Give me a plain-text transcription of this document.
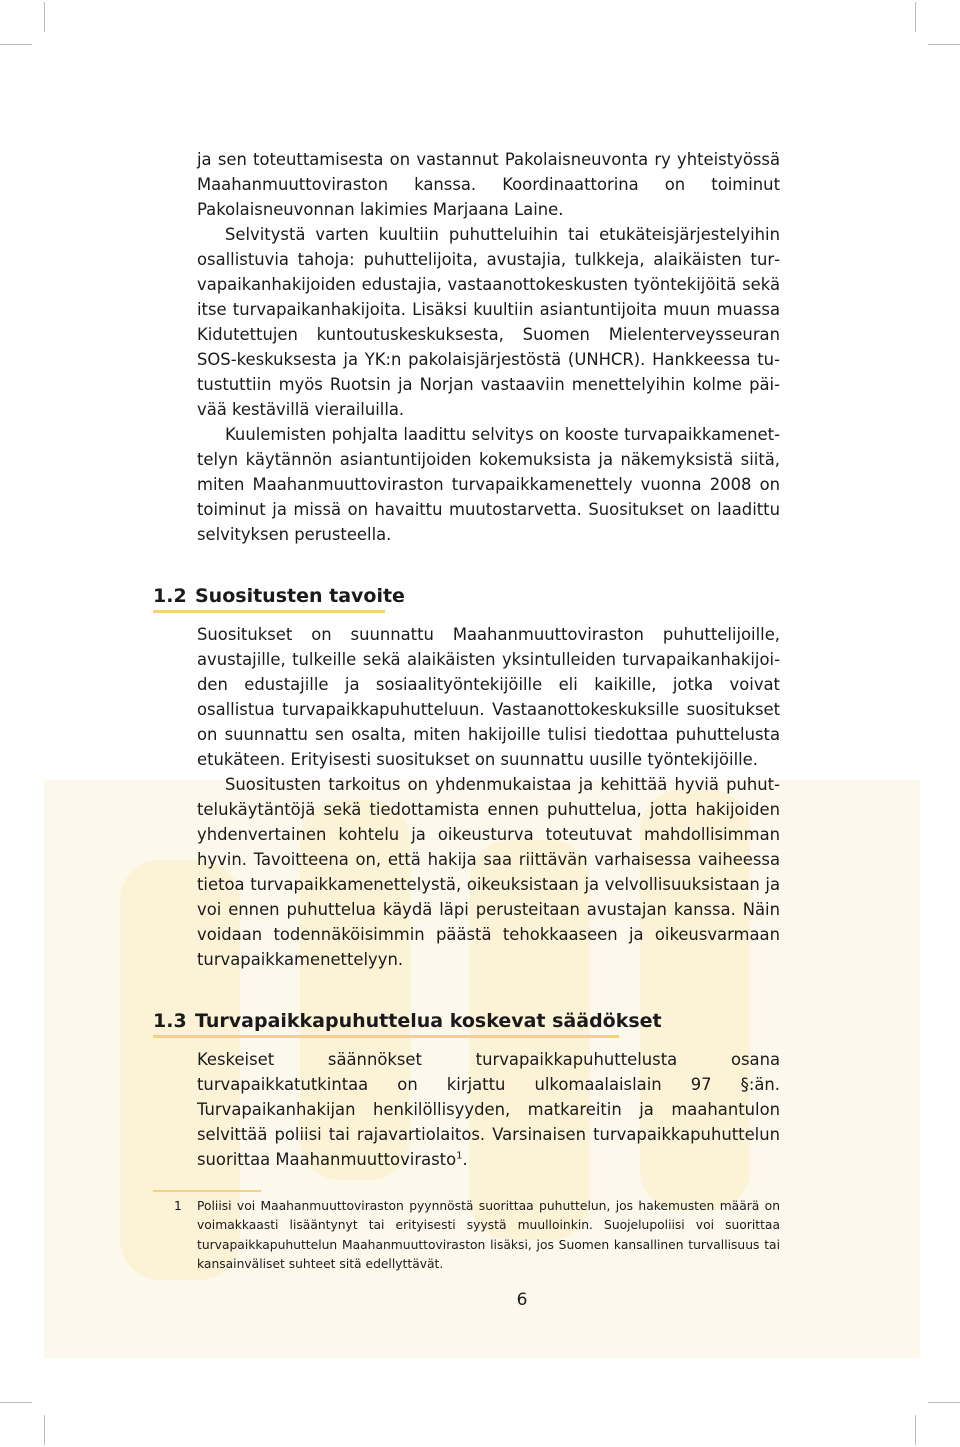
ja sen toteuttamisesta on vastannut Pakolaisneuvonta ry yhteistyössä Maahanmuuttoviraston kanssa. Koordinaattorina on toiminut Pakolaisneuvonnan lakimies Marjaana Laine.

Selvitystä varten kuultiin puhutteluihin tai etukäteisjärjestelyihin osallistuvia tahoja: puhuttelijoita, avustajia, tulkkeja, alaikäisten turvapaikanhakijoiden edustajia, vastaanottokeskusten työntekijöitä sekä itse turvapaikanhakijoita. Lisäksi kuultiin asiantuntijoita muun muassa Kidutettujen kuntoutuskeskuksesta, Suomen Mielenterveysseuran SOS-keskuksesta ja YK:n pakolaisjärjestöstä (UNHCR). Hankkeessa tutustuttiin myös Ruotsin ja Norjan vastaaviin menettelyihin kolme päivää kestävillä vierailuilla.

Kuulemisten pohjalta laadittu selvitys on kooste turvapaikkamenettelyn käytännön asiantuntijoiden kokemuksista ja näkemyksistä siitä, miten Maahanmuuttoviraston turvapaikkamenettely vuonna 2008 on toiminut ja missä on havaittu muutostarvetta. Suositukset on laadittu selvityksen perusteella.

1.2 Suositusten tavoite

Suositukset on suunnattu Maahanmuuttoviraston puhuttelijoille, avustajille, tulkeille sekä alaikäisten yksintulleiden turvapaikanhakijoiden edustajille ja sosiaalityöntekijöille eli kaikille, jotka voivat osallistua turvapaikkapuhutteluun. Vastaanottokeskuksille suositukset on suunnattu sen osalta, miten hakijoille tulisi tiedottaa puhuttelusta etukäteen. Erityisesti suositukset on suunnattu uusille työntekijöille.

Suositusten tarkoitus on yhdenmukaistaa ja kehittää hyviä puhuttelukäytäntöjä sekä tiedottamista ennen puhuttelua, jotta hakijoiden yhdenvertainen kohtelu ja oikeusturva toteutuvat mahdollisimman hyvin. Tavoitteena on, että hakija saa riittävän varhaisessa vaiheessa tietoa turvapaikkamenettelystä, oikeuksistaan ja velvollisuuksistaan ja voi ennen puhuttelua käydä läpi perusteitaan avustajan kanssa. Näin voidaan todennäköisimmin päästä tehokkaaseen ja oikeusvarmaan turvapaikkamenettelyyn.

1.3 Turvapaikkapuhuttelua koskevat säädökset

Keskeiset säännökset turvapaikkapuhuttelusta osana turvapaikkatutkintaa on kirjattu ulkomaalaislain 97 §:än. Turvapaikanhakijan henkilöllisyyden, matkareitin ja maahantulon selvittää poliisi tai rajavartiolaitos. Varsinaisen turvapaikkapuhuttelun suorittaa Maahanmuuttovirasto$^1$.

1 Poliisi voi Maahanmuuttoviraston pyynnöstä suorittaa puhuttelun, jos hakemusten määrä on voimakkaasti lisääntynyt tai erityisesti syystä muulloinkin. Suojelupoliisi voi suorittaa turvapaikkapuhuttelun Maahanmuuttoviraston lisäksi, jos Suomen kansallinen turvallisuus tai kansainväliset suhteet sitä edellyttävät.
6
